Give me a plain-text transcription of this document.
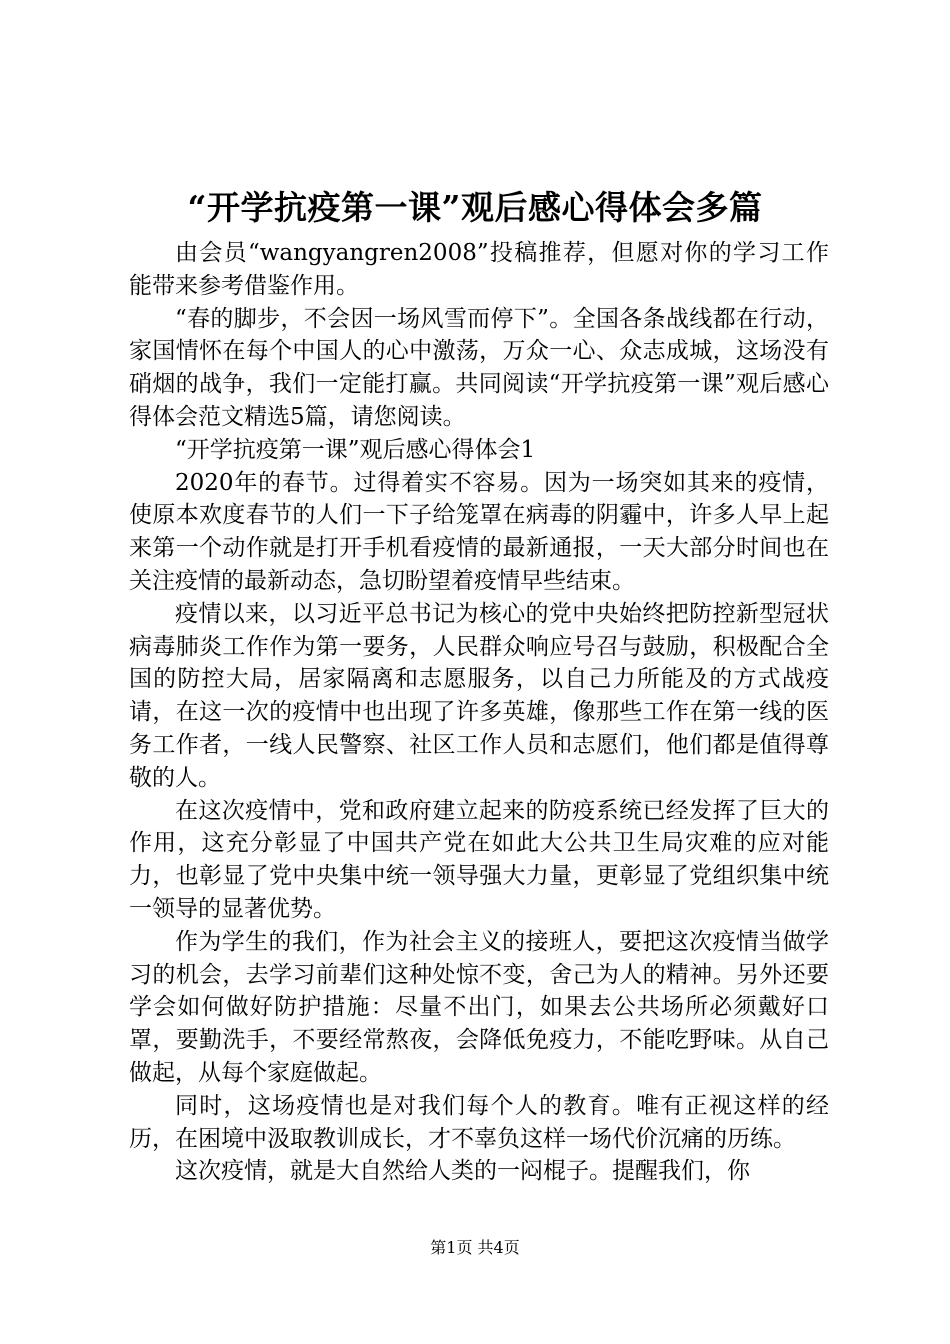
“开学抗疫第一课”观后感心得体会多篇

由会员“wangyangren2008”投稿推荐，但愿对你的学习工作能带来参考借鉴作用。

“春的脚步，不会因一场风雪而停下”。全国各条战线都在行动，家国情怀在每个中国人的心中激荡，万众一心、众志成城，这场没有硝烟的战争，我们一定能打赢。共同阅读“开学抗疫第一课”观后感心得体会范文精选5篇，请您阅读。

“开学抗疫第一课”观后感心得体会1

2020年的春节。过得着实不容易。因为一场突如其来的疫情，使原本欢度春节的人们一下子给笼罩在病毒的阴霾中，许多人早上起来第一个动作就是打开手机看疫情的最新通报，一天大部分时间也在关注疫情的最新动态，急切盼望着疫情早些结束。

疫情以来，以习近平总书记为核心的党中央始终把防控新型冠状病毒肺炎工作作为第一要务，人民群众响应号召与鼓励，积极配合全国的防控大局，居家隔离和志愿服务，以自己力所能及的方式战疫请，在这一次的疫情中也出现了许多英雄，像那些工作在第一线的医务工作者，一线人民警察、社区工作人员和志愿们，他们都是值得尊敬的人。

在这次疫情中，党和政府建立起来的防疫系统已经发挥了巨大的作用，这充分彰显了中国共产党在如此大公共卫生局灾难的应对能力，也彰显了党中央集中统一领导强大力量，更彰显了党组织集中统一领导的显著优势。

作为学生的我们，作为社会主义的接班人，要把这次疫情当做学习的机会，去学习前辈们这种处惊不变，舍己为人的精神。另外还要学会如何做好防护措施：尽量不出门，如果去公共场所必须戴好口罩，要勤洗手，不要经常熬夜，会降低免疫力，不能吃野味。从自己做起，从每个家庭做起。

同时，这场疫情也是对我们每个人的教育。唯有正视这样的经历，在困境中汲取教训成长，才不辜负这样一场代价沉痛的历练。

这次疫情，就是大自然给人类的一闷棍子。提醒我们，你

第1页 共4页
